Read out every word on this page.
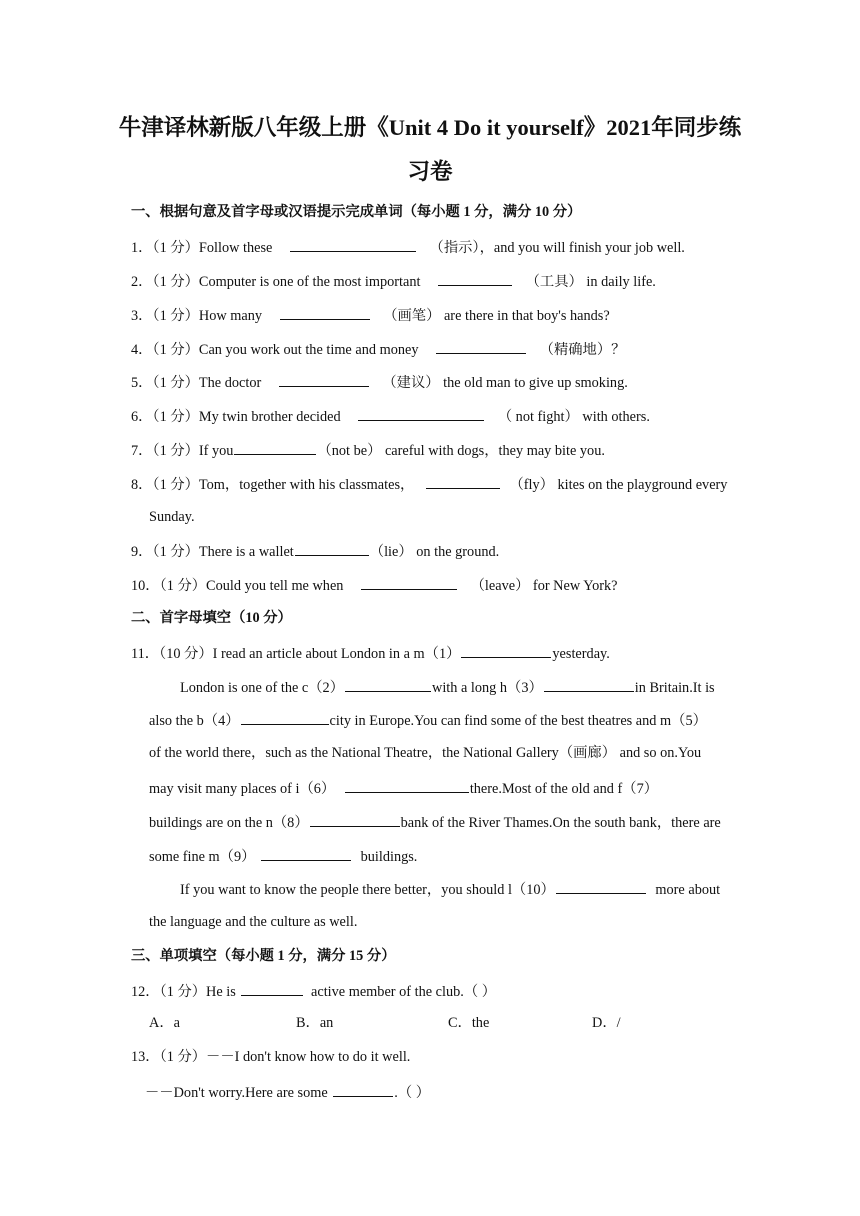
牛津译林新版八年级上册《Unit 4 Do it yourself》2021年同步练
习卷
一、根据句意及首字母或汉语提示完成单词（每小题 1 分，满分 10 分）
1．（1 分）Follow these	（指示），and you will finish your job well.
2．（1 分）Computer is one of the most important	（工具） in daily life.
3．（1 分）How many	（画笔） are there in that boy's hands?
4．（1 分）Can you work out the time and money	（精确地）？
5．（1 分）The doctor	（建议） the old man to give up smoking.
6．（1 分）My twin brother decided	（ not fight） with others.
7．（1 分）If you	（not be） careful with dogs，they may bite you.
8．（1 分）Tom，together with his classmates，	（fly） kites on the playground every
Sunday.
9．（1 分）There is a wallet	（lie） on the ground.
10．（1 分）Could you tell me when	（leave） for New York?
二、首字母填空（10 分）
11．（10 分）I read an article about London in a m（1）	yesterday.
London is one of the c（2）	with a long h（3）	in Britain.It is
also the b（4）	city in Europe.You can find some of the best theatres and m（5）
of the world there，such as the National Theatre，the National Gallery（画廊） and so on.You
may visit many places of i（6）	there.Most of the old and f（7）
buildings are on the n（8）	bank of the River Thames.On the south bank，there are
some fine m（9）	buildings.
If you want to know the people there better，you should l（10）	more about
the language and the culture as well.
三、单项填空（每小题 1 分，满分 15 分）
12．（1 分）He is	active member of the club.（ ）
A．a	B．an	C．the	D．/
13．（1 分）－－I don't know how to do it well.
－－Don't worry.Here are some	.（ ）
